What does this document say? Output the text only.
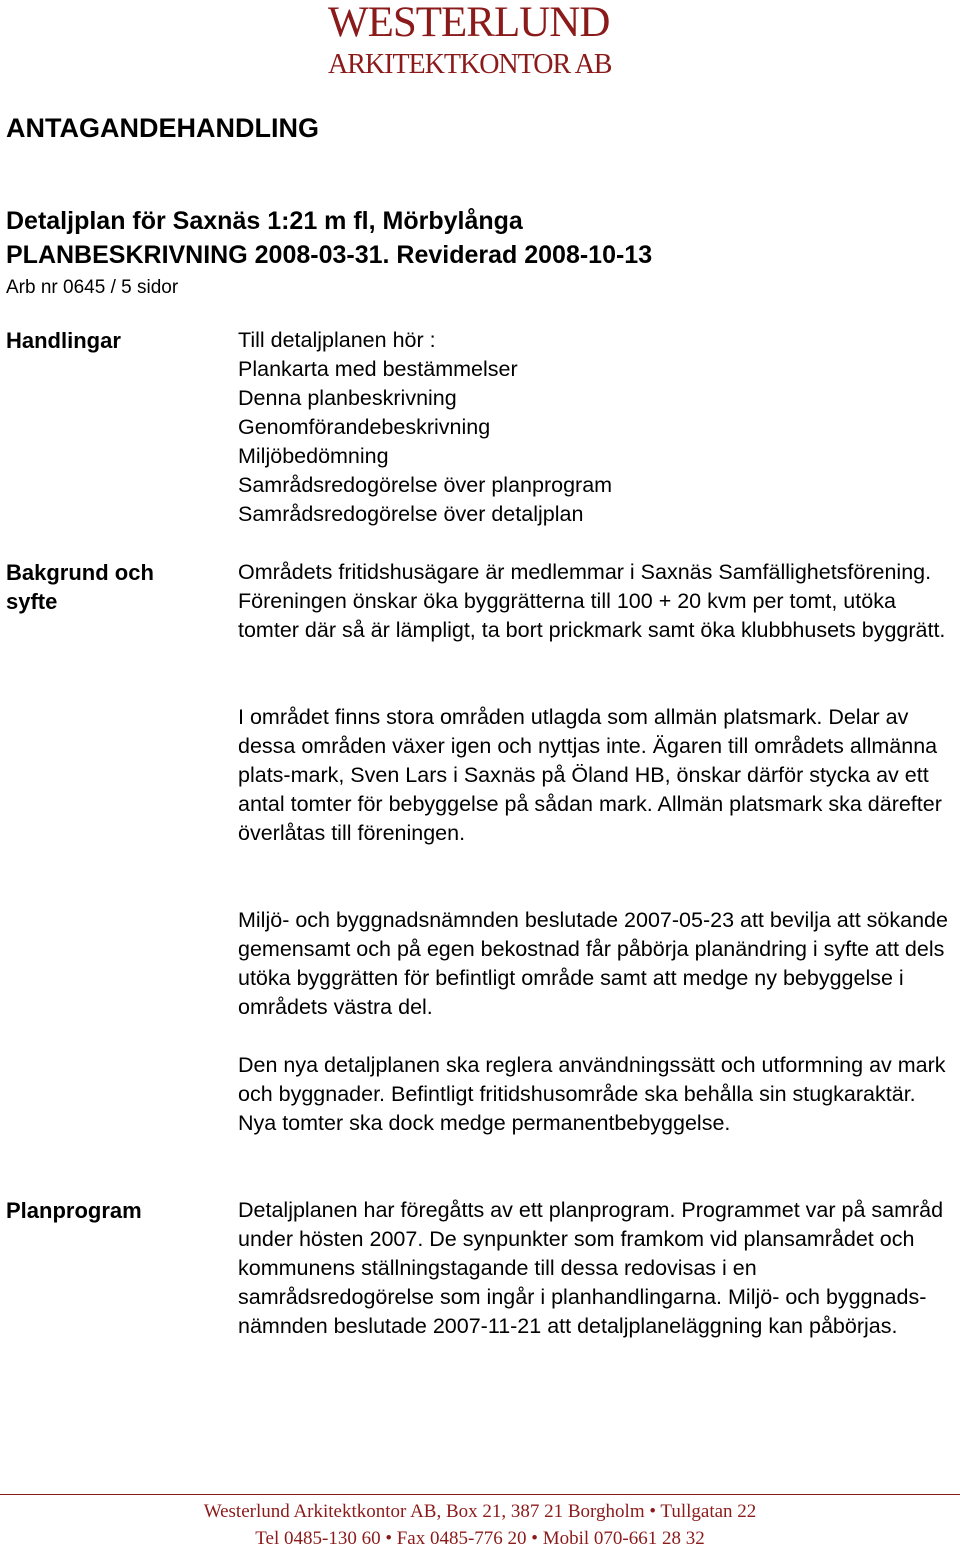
WESTERLUND
ARKITEKTKONTOR AB
ANTAGANDEHANDLING
Detaljplan för Saxnäs 1:21 m fl, Mörbylånga
PLANBESKRIVNING 2008-03-31. Reviderad 2008-10-13
Arb nr 0645 / 5 sidor
Handlingar	Till detaljplanen hör :
Plankarta med bestämmelser
Denna planbeskrivning
Genomförandebeskrivning
Miljöbedömning
Samrådsredogörelse över planprogram
Samrådsredogörelse över detaljplan
Bakgrund och
syfte

Områdets fritidshusägare är medlemmar i Saxnäs Samfällighetsförening. Föreningen önskar öka byggrätterna till 100 + 20 kvm per tomt, utöka tomter där så är lämpligt, ta bort prickmark samt öka klubbhusets byggrätt.

I området finns stora områden utlagda som allmän platsmark. Delar av dessa områden växer igen och nyttjas inte. Ägaren till områdets allmänna plats-mark, Sven Lars i Saxnäs på Öland HB, önskar därför stycka av ett antal tomter för bebyggelse på sådan mark. Allmän platsmark ska därefter överlåtas till föreningen.

Miljö- och byggnadsnämnden beslutade 2007-05-23 att bevilja att sökande gemensamt och på egen bekostnad får påbörja planändring i syfte att dels utöka byggrätten för befintligt område samt att medge ny bebyggelse i områdets västra del.

Den nya detaljplanen ska reglera användningssätt och utformning av mark och byggnader. Befintligt fritidshusområde ska behålla sin stugkaraktär. Nya tomter ska dock medge permanentbebyggelse.

Planprogram	Detaljplanen har föregåtts av ett planprogram. Programmet var på samråd under hösten 2007. De synpunkter som framkom vid plansamrådet och kommunens ställningstagande till dessa redovisas i en samrådsredogörelse som ingår i planhandlingarna. Miljö- och byggnads-nämnden beslutade 2007-11-21 att detaljplaneläggning kan påbörjas.

Westerlund Arkitektkontor AB, Box 21, 387 21 Borgholm • Tullgatan 22
Tel 0485-130 60 • Fax 0485-776 20 • Mobil 070-661 28 32
